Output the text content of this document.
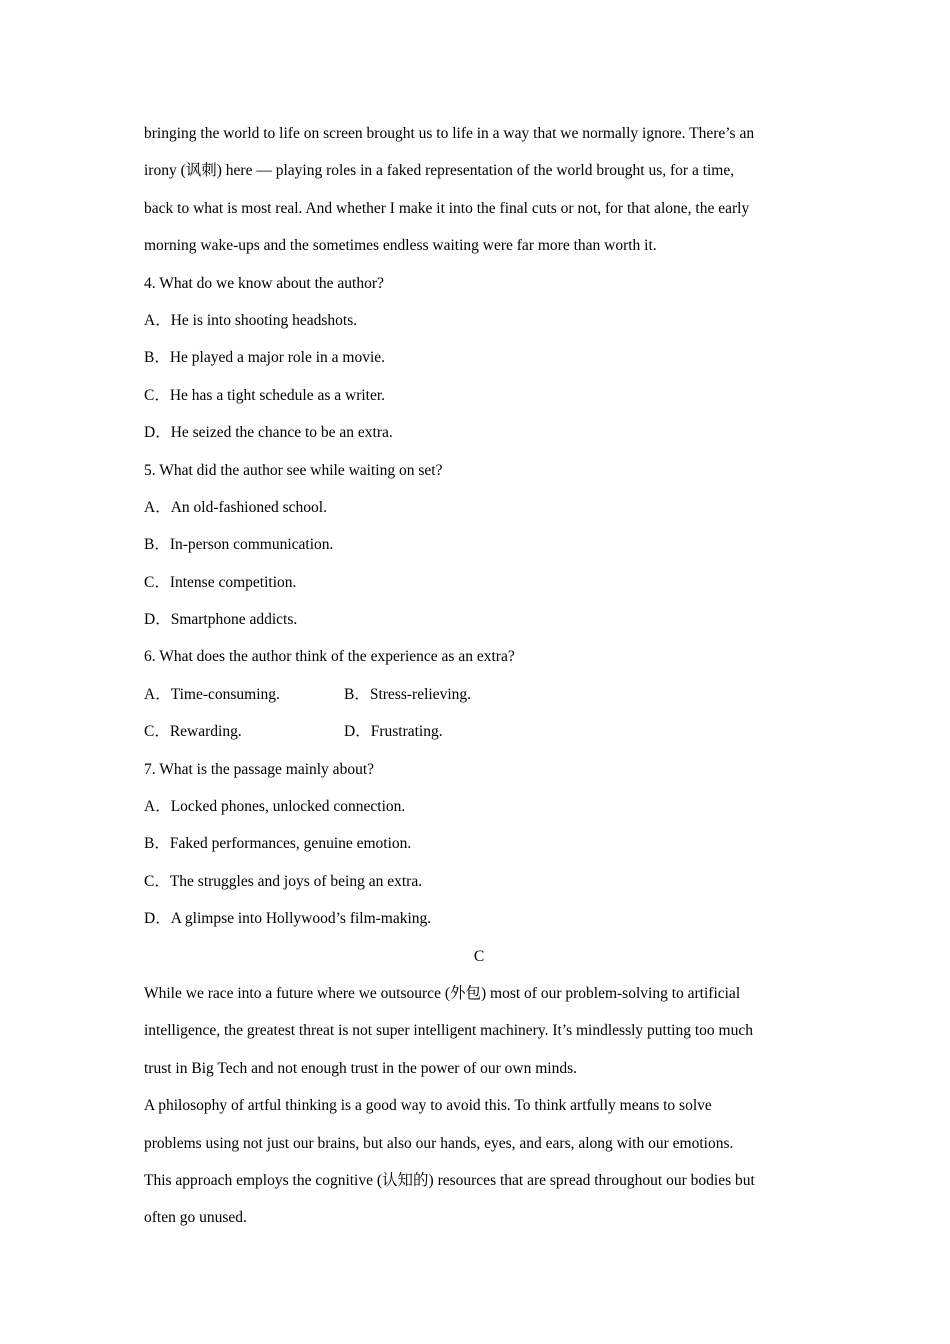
bringing the world to life on screen brought us to life in a way that we normally ignore. There’s an
irony (讽刺) here — playing roles in a faked representation of the world brought us, for a time,
back to what is most real. And whether I make it into the final cuts or not, for that alone, the early
morning wake-ups and the sometimes endless waiting were far more than worth it.
4. What do we know about the author?
A．He is into shooting headshots.
B．He played a major role in a movie.
C．He has a tight schedule as a writer.
D．He seized the chance to be an extra.
5. What did the author see while waiting on set?
A．An old-fashioned school.
B．In-person communication.
C．Intense competition.
D．Smartphone addicts.
6. What does the author think of the experience as an extra?
A．Time-consuming.	B．Stress-relieving.
C．Rewarding.	D．Frustrating.
7. What is the passage mainly about?
A．Locked phones, unlocked connection.
B．Faked performances, genuine emotion.
C．The struggles and joys of being an extra.
D．A glimpse into Hollywood’s film-making.
C
While we race into a future where we outsource (外包) most of our problem-solving to artificial
intelligence, the greatest threat is not super intelligent machinery. It’s mindlessly putting too much
trust in Big Tech and not enough trust in the power of our own minds.
A philosophy of artful thinking is a good way to avoid this. To think artfully means to solve
problems using not just our brains, but also our hands, eyes, and ears, along with our emotions.
This approach employs the cognitive (认知的) resources that are spread throughout our bodies but
often go unused.
